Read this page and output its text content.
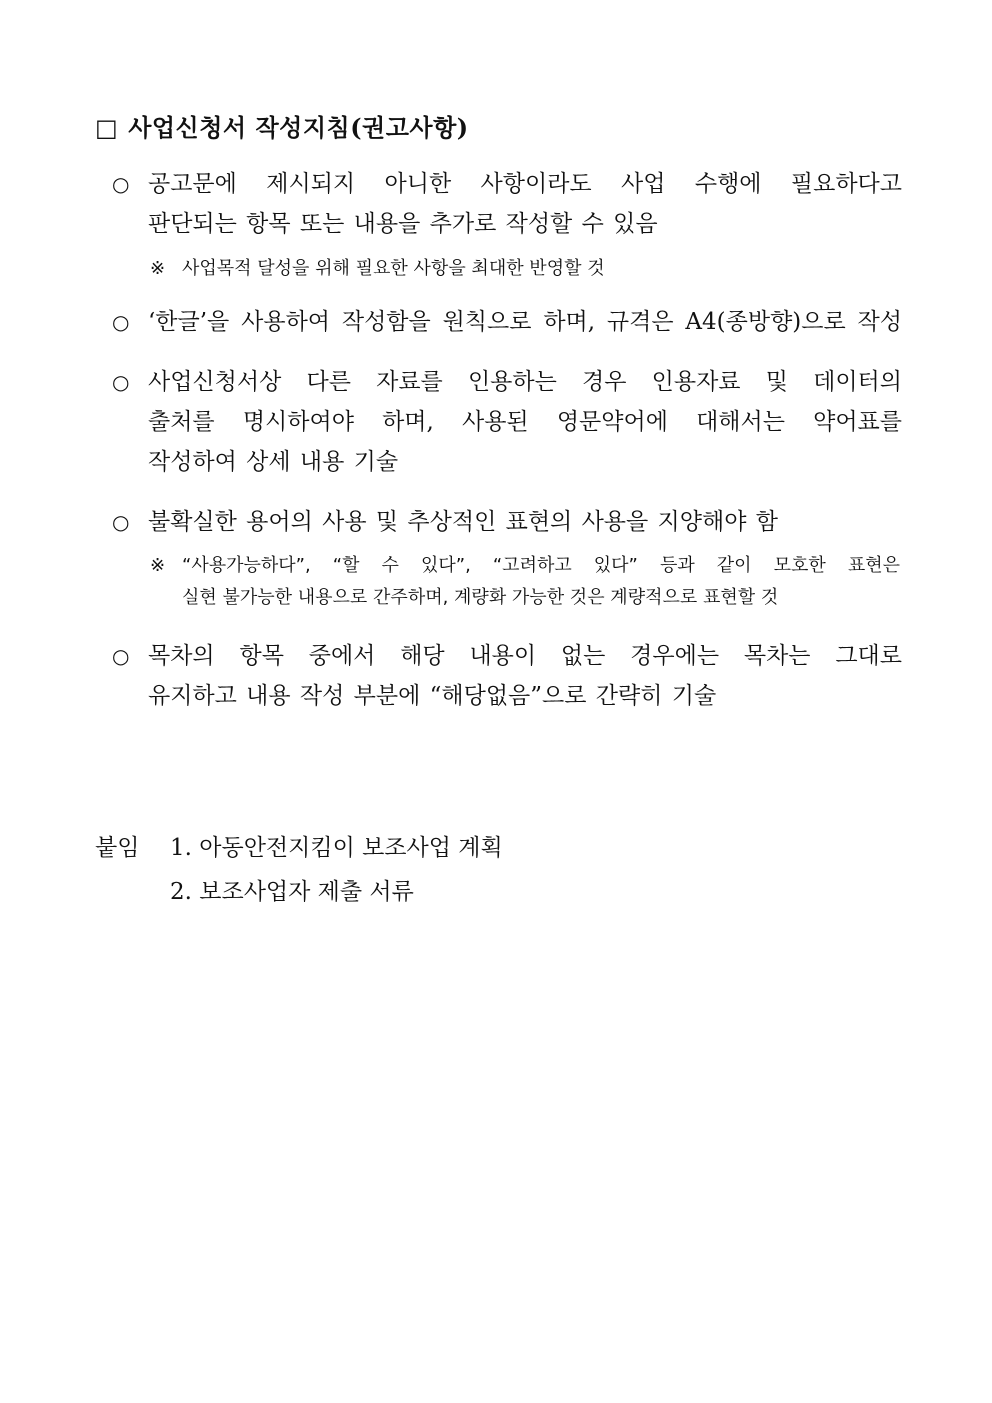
□ 사업신청서 작성지침(권고사항)
○ 공고문에 제시되지 아니한 사항이라도 사업 수행에 필요하다고
판단되는 항목 또는 내용을 추가로 작성할 수 있음
※ 사업목적 달성을 위해 필요한 사항을 최대한 반영할 것
○ ‘한글’을 사용하여 작성함을 원칙으로 하며, 규격은 A4(종방향)으로 작성
○ 사업신청서상 다른 자료를 인용하는 경우 인용자료 및 데이터의
출처를 명시하여야 하며, 사용된 영문약어에 대해서는 약어표를
작성하여 상세 내용 기술
○ 불확실한 용어의 사용 및 추상적인 표현의 사용을 지양해야 함
※ “사용가능하다”, “할 수 있다”, “고려하고 있다” 등과 같이 모호한 표현은
실현 불가능한 내용으로 간주하며, 계량화 가능한 것은 계량적으로 표현할 것
○ 목차의 항목 중에서 해당 내용이 없는 경우에는 목차는 그대로
유지하고 내용 작성 부분에 “해당없음”으로 간략히 기술
붙임 1. 아동안전지킴이 보조사업 계획
2. 보조사업자 제출 서류
